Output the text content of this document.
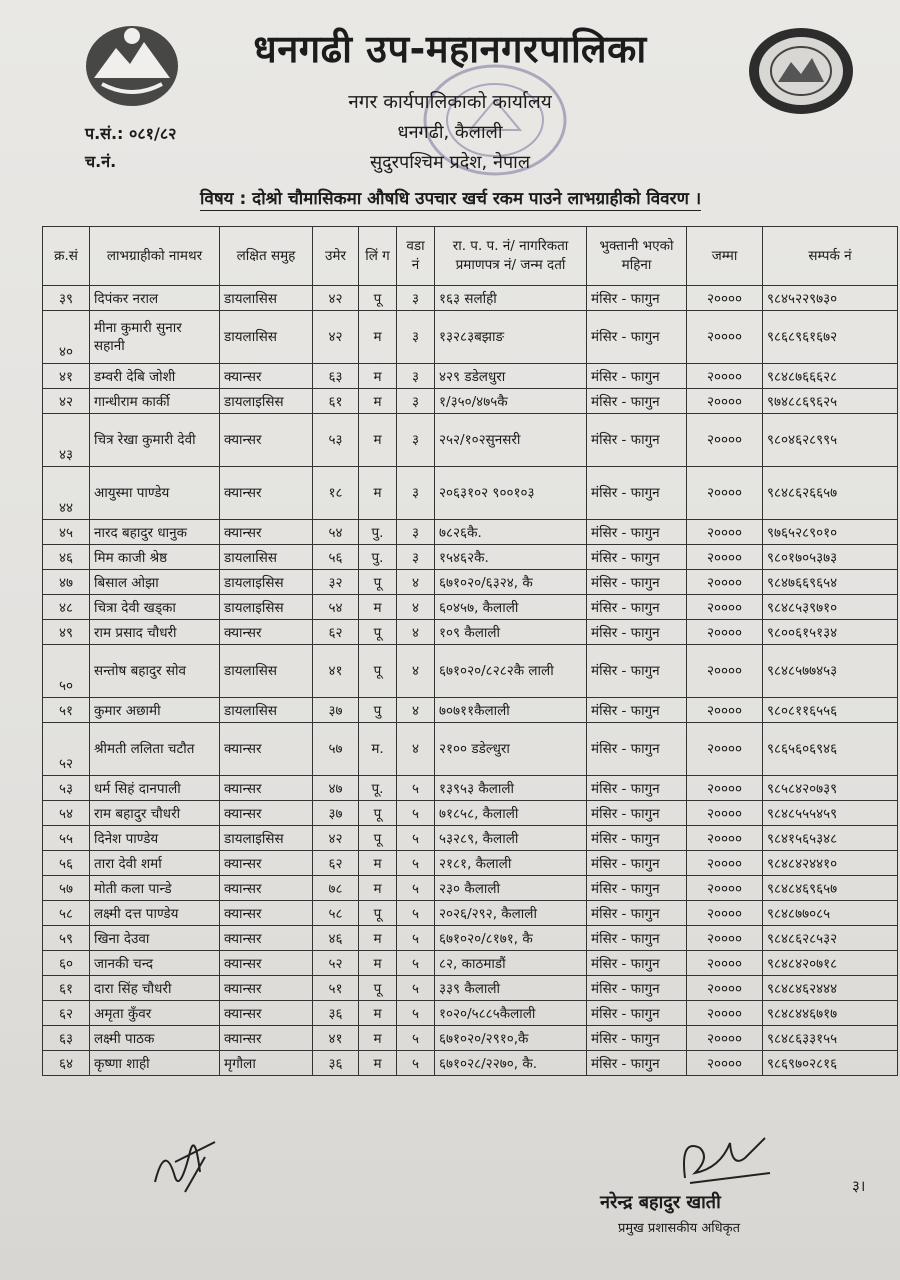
धनगढी उप-महानगरपालिका
नगर कार्यपालिकाको कार्यालय
धनगढी, कैलाली
सुदुरपश्चिम प्रदेश, नेपाल
प.सं.: ०८१/८२
च.नं.
विषय : दोश्रो चौमासिकमा औषधि उपचार खर्च रकम पाउने लाभग्राहीको विवरण ।
क्र.सं	लाभग्राहीको नामथर	लक्षित समुह	उमेर	लिं ग	वडा नं	रा. प. प. नं/ नागरिकता प्रमाणपत्र नं/ जन्म दर्ता	भुक्तानी भएको महिना	जम्मा	सम्पर्क नं
३९	दिपंकर नराल	डायलासिस	४२	पू	३	१६३ सर्लाही	मंसिर - फागुन	२००००	९८४५२२९७३०
४०	मीना कुमारी सुनार सहानी	डायलासिस	४२	म	३	१३२८३बझाङ	मंसिर - फागुन	२००००	९८६८९६१६७२
४१	डम्वरी देबि जोशी	क्यान्सर	६३	म	३	४२९ डडेलधुरा	मंसिर - फागुन	२००००	९८४८७६६६२८
४२	गान्धीराम कार्की	डायलाइसिस	६१	म	३	१/३५०/४७५कै	मंसिर - फागुन	२००००	९७४८८६९६२५
४३	चित्र रेखा कुमारी देवी	क्यान्सर	५३	म	३	२५२/१०२सुनसरी	मंसिर - फागुन	२००००	९८०४६२८९९५
४४	आयुस्मा पाण्डेय	क्यान्सर	१८	म	३	२०६३१०२ ९००१०३	मंसिर - फागुन	२००००	९८४८६२६६५७
४५	नारद बहादुर धानुक	क्यान्सर	५४	पु.	३	७८२६कै.	मंसिर - फागुन	२००००	९७६५२८९०१०
४६	मिम काजी श्रेष्ठ	डायलासिस	५६	पु.	३	१५४६२कै.	मंसिर - फागुन	२००००	९८०१७०५३७३
४७	बिसाल ओझा	डायलाइसिस	३२	पू	४	६७१०२०/६३२४, कै	मंसिर - फागुन	२००००	९८४७६६९६५४
४८	चित्रा देवी खड्का	डायलाइसिस	५४	म	४	६०४५७, कैलाली	मंसिर - फागुन	२००००	९८४८५३९७१०
४९	राम प्रसाद चौधरी	क्यान्सर	६२	पू	४	१०९ कैलाली	मंसिर - फागुन	२००००	९८००६१५१३४
५०	सन्तोष बहादुर सोव	डायलासिस	४१	पू	४	६७१०२०/८२८२कै लाली	मंसिर - फागुन	२००००	९८४८५७७४५३
५१	कुमार अछामी	डायलासिस	३७	पु	४	७०७११कैलाली	मंसिर - फागुन	२००००	९८०८११६५५६
५२	श्रीमती ललिता चटौत	क्यान्सर	५७	म.	४	२१०० डडेल्धुरा	मंसिर - फागुन	२००००	९८६५६०६९४६
५३	धर्म सिहं दानपाली	क्यान्सर	४७	पू.	५	१३९५३ कैलाली	मंसिर - फागुन	२००००	९८५८४२०७३९
५४	राम बहादुर चौधरी	क्यान्सर	३७	पू	५	७१८५८, कैलाली	मंसिर - फागुन	२००००	९८४८५५५४५९
५५	दिनेश पाण्डेय	डायलाइसिस	४२	पू	५	५३२८९, कैलाली	मंसिर - फागुन	२००००	९८४१५६५३४८
५६	तारा देवी शर्मा	क्यान्सर	६२	म	५	२१८१, कैलाली	मंसिर - फागुन	२००००	९८४८४२४४१०
५७	मोती कला पान्डे	क्यान्सर	७८	म	५	२३० कैलाली	मंसिर - फागुन	२००००	९८४८४६९६५७
५८	लक्ष्मी दत्त पाण्डेय	क्यान्सर	५८	पू	५	२०२६/२९२, कैलाली	मंसिर - फागुन	२००००	९८४८७७०८५
५९	खिना देउवा	क्यान्सर	४६	म	५	६७१०२०/८१७१, कै	मंसिर - फागुन	२००००	९८४८६२८५३२
६०	जानकी चन्द	क्यान्सर	५२	म	५	८२, काठमाडौं	मंसिर - फागुन	२००००	९८४८४२०७१८
६१	दारा सिंह चौधरी	क्यान्सर	५१	पू	५	३३९ कैलाली	मंसिर - फागुन	२००००	९८४८४६२४४४
६२	अमृता कुँवर	क्यान्सर	३६	म	५	१०२०/५८८५कैलाली	मंसिर - फागुन	२००००	९८४८४४६७१७
६३	लक्ष्मी पाठक	क्यान्सर	४१	म	५	६७१०२०/२९१०,कै	मंसिर - फागुन	२००००	९८४८६३३१५५
६४	कृष्णा शाही	मृगौला	३६	म	५	६७१०२८/२२७०, कै.	मंसिर - फागुन	२००००	९८६९७०२८१६
नरेन्द्र बहादुर खाती
प्रमुख प्रशासकीय अधिकृत
३।
